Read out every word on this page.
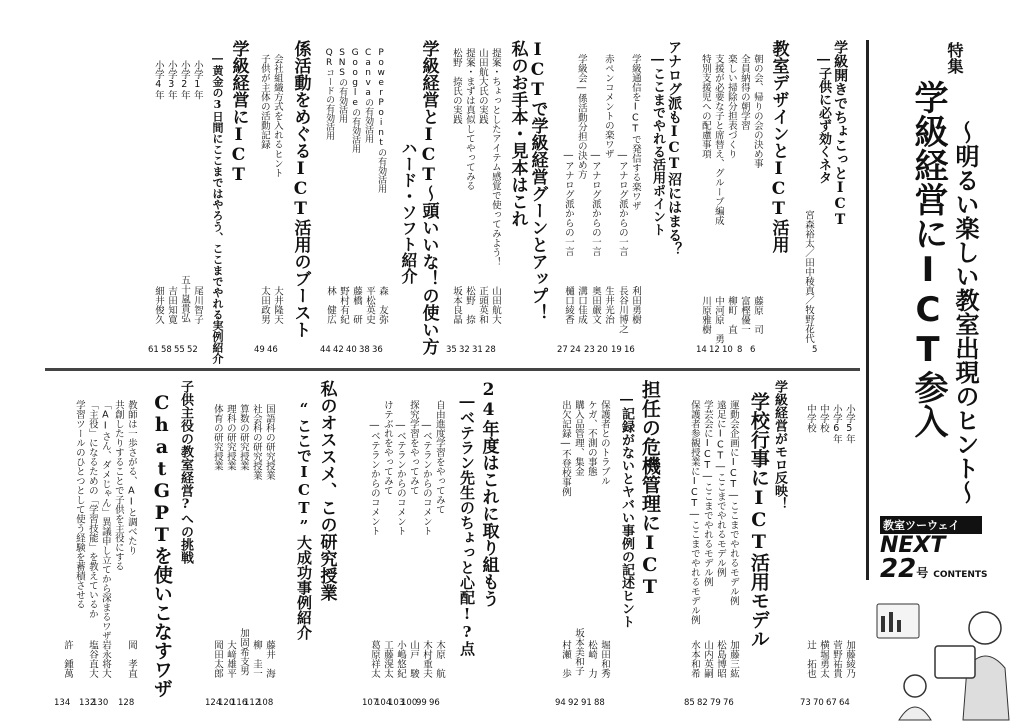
特集
学級経営にICT参入 ～明るい楽しい教室出現のヒント～
教室ツーウェイ
NEXT
22号 CONTENTS
学級開きでちょこっとICT
―子供に必ず効くネタ
宮森裕太／田中稜真／牧野花代
5
教室デザインとICT活用
朝の会、帰りの会の決め事
全員納得の朝学習
楽しい掃除分担表づくり
支援が必要な子と席替え、グループ編成
特別支援児への配慮事項
藤原　司
富樫優一
柳町　直
中河原　勇
川原雅樹
6
8
10
12
14
アナログ派もICT沼にはまる？
―ここまでやれる活用ポイント
学級通信をICTで発信する楽ワザ
―アナログ派からの一言
赤ペンコメントの楽ワザ
―アナログ派からの一言
学級会―係活動分担の決め方
―アナログ派からの一言
利田勇樹
長谷川博之
生井光治
奥田嚴文
溝口佳成
樋口綾香
16
19
20
23
24
27
ICTで学級経営グーンとアップ！
私のお手本・見本はこれ
提案・ちょっとしたアイテム感覚で使ってみよう！
山田航大氏の実践
提案・まずは真似してやってみる
松野　捺氏の実践
山田航大
正頭英和
松野　捺
坂本良晶
28
31
32
35
学級経営とICT～頭いいな！の使い方
ハード・ソフト紹介
PowerPointの有効活用
Canvaの有効活用
Googleの有効活用
SNSの有効活用
QRコードの有効活用
森　友弥
平松英史
藤橋　研
野村有紀
林　健広
36
38
40
42
44
係活動をめぐるICT活用のブースト
会社組織方式を入れるヒント
子供が主体の活動記録
大井隆天
太田政男
46
49
学級経営にICT
―黄金の3日間にここまではやろう、ここまでやれる実例紹介
小学1年
小学2年
小学3年
小学4年
尾川智子
五十嵐貴弘
吉田知寛
細井俊久
52
55
58
61
小学5年
小学6年
中学校
中学校
加藤綾乃
菅野祐貴
横堀勇太
辻　拓也
64
67
70
73
学級経営がモロ反映！
学校行事にICT活用モデル
運動会企画にICT―ここまでやれるモデル例
遠足にICT―ここまでやれるモデル例
学芸会にICT―ここまでやれるモデル例
保護者参観授業にICT―ここまでやれるモデル例
加藤三紘
松島博昭
山内英嗣
水本和希
76
79
82
85
担任の危機管理にICT
―記録がないとヤバい事例の記述ヒント
保護者とのトラブル
ケガ、不測の事態
購入品管理、集金
出欠記録―不登校事例
堀田和秀
松崎　力
坂本美和子
村瀬　歩
88
91
92
94
24年度はこれに取り組もう
―ベテラン先生のちょっと心配!?点
自由進度学習をやってみて
―ベテランからのコメント
探究学習をやってみて
―ベテランからのコメント
けテぶれをやってみて
―ベテランからのコメント
木原　航
木村重夫
山戸　駿
小嶋悠紀
工藤滉太
葛原祥太
96
99
100
103
104
107
私のオススメ、この研究授業
“ここでICT”大成功事例紹介
国語科の研究授業
社会科の研究授業
算数の研究授業
理科の研究授業
体育の研究授業
藤井　海
柳　圭一
加固希支男
大﨑雄平
岡田太郎
108
112
116
120
124
子供主役の教室経営?への挑戦
ChatGPTを使いこなすワザ
教師は一歩さがる、AIと調べたり
共創したりすることで子供を主役にする
「AIさん、ダメじゃん」異議申し立てから深まるワザ
「主役」になるための「学習技能」を教えているか
学習ツールのひとつとして使う経験を蓄積させる
岡　孝直
岩永将大
塩谷直大
許　鍾萬
128
130
132
134
